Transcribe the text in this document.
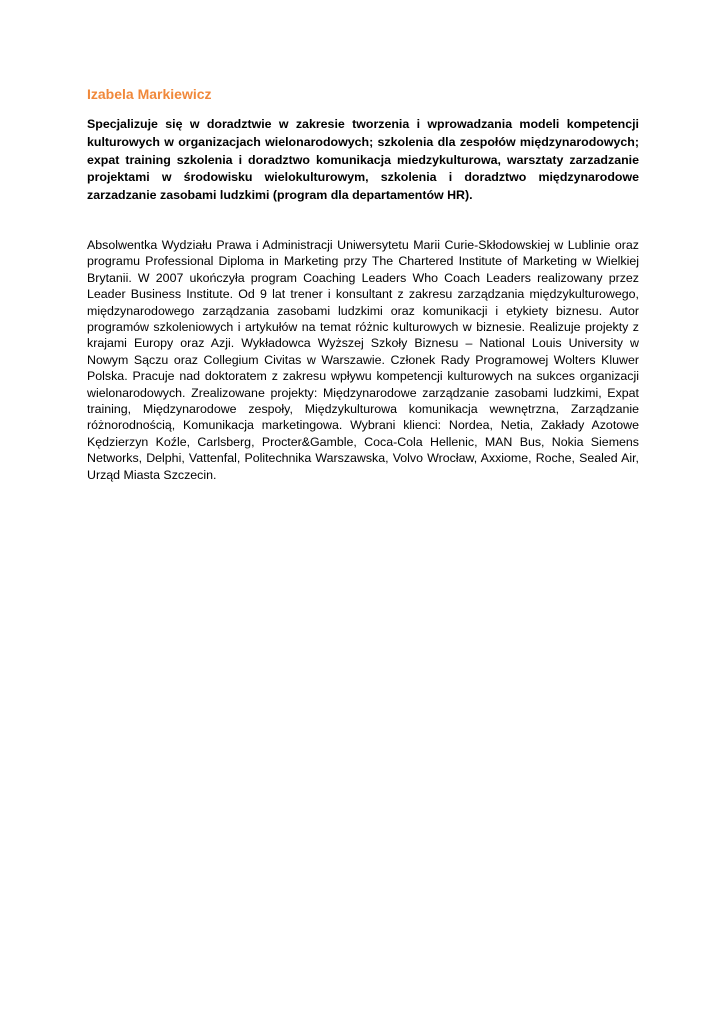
Izabela Markiewicz

Specjalizuje się w doradztwie w zakresie tworzenia i wprowadzania modeli kompetencji kulturowych w organizacjach wielonarodowych; szkolenia dla zespołów międzynarodowych; expat training szkolenia i doradztwo komunikacja miedzykulturowa, warsztaty zarzadzanie projektami w środowisku wielokulturowym, szkolenia i doradztwo międzynarodowe zarzadzanie zasobami ludzkimi (program dla departamentów HR).

Absolwentka Wydziału Prawa i Administracji Uniwersytetu Marii Curie-Skłodowskiej w Lublinie oraz programu Professional Diploma in Marketing przy The Chartered Institute of Marketing w Wielkiej Brytanii. W 2007 ukończyła program Coaching Leaders Who Coach Leaders realizowany przez Leader Business Institute. Od 9 lat trener i konsultant z zakresu zarządzania międzykulturowego, międzynarodowego zarządzania zasobami ludzkimi oraz komunikacji i etykiety biznesu. Autor programów szkoleniowych i artykułów na temat różnic kulturowych w biznesie. Realizuje projekty z krajami Europy oraz Azji. Wykładowca Wyższej Szkoły Biznesu – National Louis University w Nowym Sączu oraz Collegium Civitas w Warszawie. Członek Rady Programowej Wolters Kluwer Polska. Pracuje nad doktoratem z zakresu wpływu kompetencji kulturowych na sukces organizacji wielonarodowych. Zrealizowane projekty: Międzynarodowe zarządzanie zasobami ludzkimi, Expat training, Międzynarodowe zespoły, Międzykulturowa komunikacja wewnętrzna, Zarządzanie różnorodnością, Komunikacja marketingowa. Wybrani klienci: Nordea, Netia, Zakłady Azotowe Kędzierzyn Koźle, Carlsberg, Procter&Gamble, Coca-Cola Hellenic, MAN Bus, Nokia Siemens Networks, Delphi, Vattenfal, Politechnika Warszawska, Volvo Wrocław, Axxiome, Roche, Sealed Air, Urząd Miasta Szczecin.
